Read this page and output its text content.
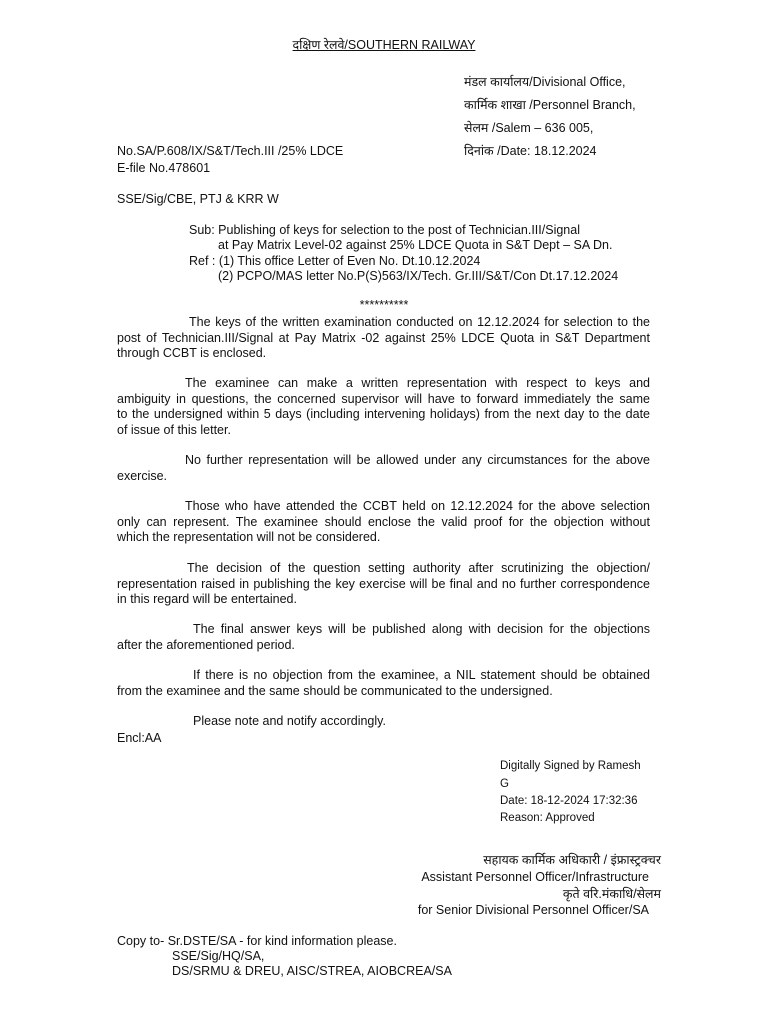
दक्षिण रेलवे/SOUTHERN RAILWAY
मंडल कार्यालय/Divisional Office,
कार्मिक शाखा /Personnel Branch,
सेलम /Salem – 636 005,
दिनांक /Date: 18.12.2024
No.SA/P.608/IX/S&T/Tech.III /25% LDCE
E-file No.478601
SSE/Sig/CBE, PTJ & KRR W
Sub: Publishing of keys for selection to the post of Technician.III/Signal
at Pay Matrix Level-02 against 25% LDCE Quota in S&T Dept – SA Dn.
Ref : (1) This office Letter of Even No. Dt.10.12.2024
(2) PCPO/MAS letter No.P(S)563/IX/Tech. Gr.III/S&T/Con Dt.17.12.2024
**********
The keys of the written examination conducted on 12.12.2024 for selection to the
post of Technician.III/Signal at Pay Matrix -02 against 25% LDCE Quota in S&T Department
through CCBT is enclosed.
The examinee can make a written representation with respect to keys and
ambiguity in questions, the concerned supervisor will have to forward immediately the same
to the undersigned within 5 days (including intervening holidays) from the next day to the date
of issue of this letter.
No further representation will be allowed under any circumstances for the above
exercise.
Those who have attended the CCBT held on 12.12.2024 for the above selection
only can represent. The examinee should enclose the valid proof for the objection without
which the representation will not be considered.
The decision of the question setting authority after scrutinizing the objection/
representation raised in publishing the key exercise will be final and no further correspondence
in this regard will be entertained.
The final answer keys will be published along with decision for the objections
after the aforementioned period.
If there is no objection from the examinee, a NIL statement should be obtained
from the examinee and the same should be communicated to the undersigned.
Please note and notify accordingly.
Encl:AA
Digitally Signed by Ramesh
G
Date: 18-12-2024 17:32:36
Reason: Approved
सहायक कार्मिक अधिकारी / इंफ्रास्ट्रक्चर
Assistant Personnel Officer/Infrastructure
कृते वरि.मंकाधि/सेलम
for Senior Divisional Personnel Officer/SA
Copy to- Sr.DSTE/SA - for kind information please.
SSE/Sig/HQ/SA,
DS/SRMU & DREU, AISC/STREA, AIOBCREA/SA
